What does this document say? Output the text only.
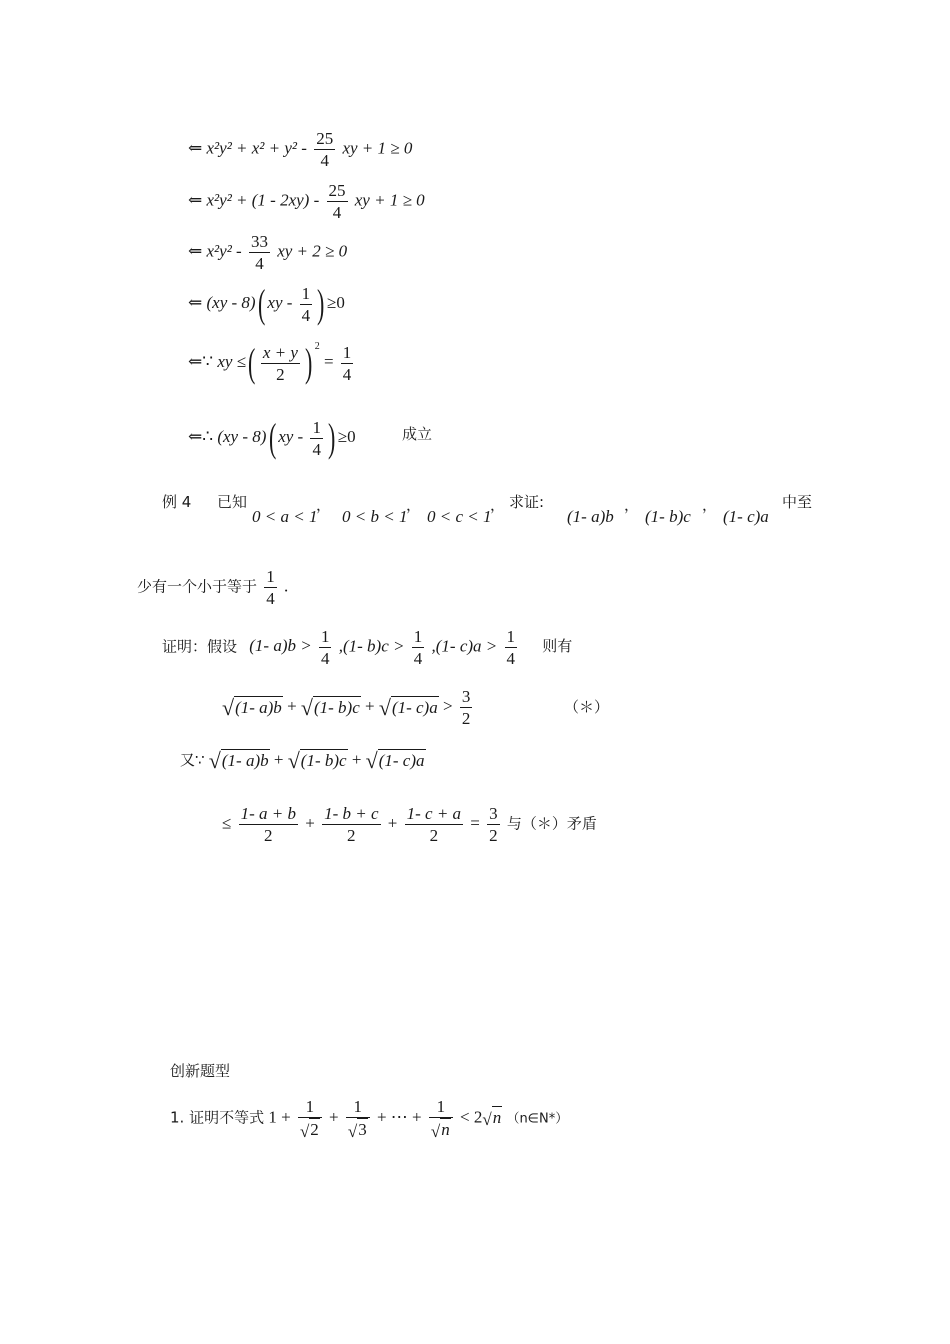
⇐ $x^2y^2 + x^2 + y^2 - \frac{25}{4}$ xy + 1 ≥ 0
⇐ $x^2y^2 + (1 - 2xy) - \frac{25}{4}$ xy + 1 ≥ 0
⇐ $x^2y^2 - \frac{33}{4}$ xy + 2 ≥ 0
⇐ (xy - 8) ( xy - $\frac{1}{4}$ ) ≥0
⇐∵ xy ≤ ( $\frac{x + y}{2}$ ) $^2 = \frac{1}{4}$
⇐∴ (xy - 8) ( xy - $\frac{1}{4}$ ) ≥0	成立
例 4 已知
0 < a < 1
，
0 < b < 1
，
0 < c < 1
， 求证:
(1- a)b
，
(1- b)c
，
(1- c)a
中至
少有一个小于等于 $\frac{1}{4}$ .
证明：假设 (1- $a)b > \frac{1}{4} ,(1-$ $b)c > \frac{1}{4} ,(1-$ $c)a > \frac{1}{4}$ 则有
√(1- a)b + √(1- b)c + √(1- $c)a > \frac{3}{2}$	（＊）
又∵ √(1- a)b + √(1- b)c + √(1- c)a
≤ $\frac{1- a + b}{2} + \frac{1- b + c}{2} + \frac{1- c + a}{2} = \frac{3}{2}$ 与（＊）矛盾
创新题型
1. 证明不等式 $1 + \frac{1}{√2} + \frac{1}{√3}$ + ⋯ + $\frac{1}{√n} < 2√n$ （n∈N*）
